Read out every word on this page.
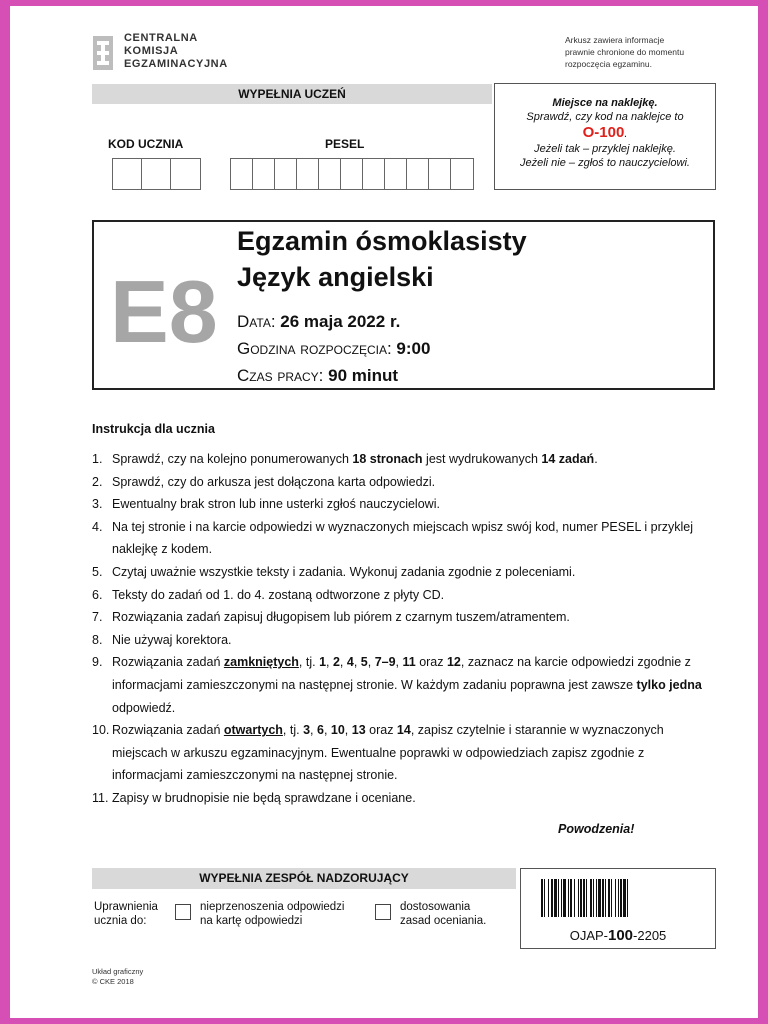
CENTRALNA
KOMISJA
EGZAMINACYJNA
Arkusz zawiera informacje
prawnie chronione do momentu
rozpoczęcia egzaminu.
WYPEŁNIA UCZEŃ
KOD UCZNIA	PESEL
Miejsce na naklejkę.
Sprawdź, czy kod na naklejce to
O-100.
Jeżeli tak – przyklej naklejkę.
Jeżeli nie – zgłoś to nauczycielowi.
E8
Egzamin ósmoklasisty
Język angielski
Data: 26 maja 2022 r.
Godzina rozpoczęcia: 9:00
Czas pracy: 90 minut
Instrukcja dla ucznia
1. Sprawdź, czy na kolejno ponumerowanych 18 stronach jest wydrukowanych 14 zadań.
2. Sprawdź, czy do arkusza jest dołączona karta odpowiedzi.
3. Ewentualny brak stron lub inne usterki zgłoś nauczycielowi.
4. Na tej stronie i na karcie odpowiedzi w wyznaczonych miejscach wpisz swój kod, numer PESEL i przyklej naklejkę z kodem.
5. Czytaj uważnie wszystkie teksty i zadania. Wykonuj zadania zgodnie z poleceniami.
6. Teksty do zadań od 1. do 4. zostaną odtworzone z płyty CD.
7. Rozwiązania zadań zapisuj długopisem lub piórem z czarnym tuszem/atramentem.
8. Nie używaj korektora.
9. Rozwiązania zadań zamkniętych, tj. 1, 2, 4, 5, 7–9, 11 oraz 12, zaznacz na karcie odpowiedzi zgodnie z informacjami zamieszczonymi na następnej stronie. W każdym zadaniu poprawna jest zawsze tylko jedna odpowiedź.
10. Rozwiązania zadań otwartych, tj. 3, 6, 10, 13 oraz 14, zapisz czytelnie i starannie w wyznaczonych miejscach w arkuszu egzaminacyjnym. Ewentualne poprawki w odpowiedziach zapisz zgodnie z informacjami zamieszczonymi na następnej stronie.
11. Zapisy w brudnopisie nie będą sprawdzane i oceniane.
Powodzenia!
WYPEŁNIA ZESPÓŁ NADZORUJĄCY
Uprawnienia
ucznia do:
nieprzenoszenia odpowiedzi
na kartę odpowiedzi
dostosowania
zasad oceniania.
OJAP-100-2205
Układ graficzny
© CKE 2018
